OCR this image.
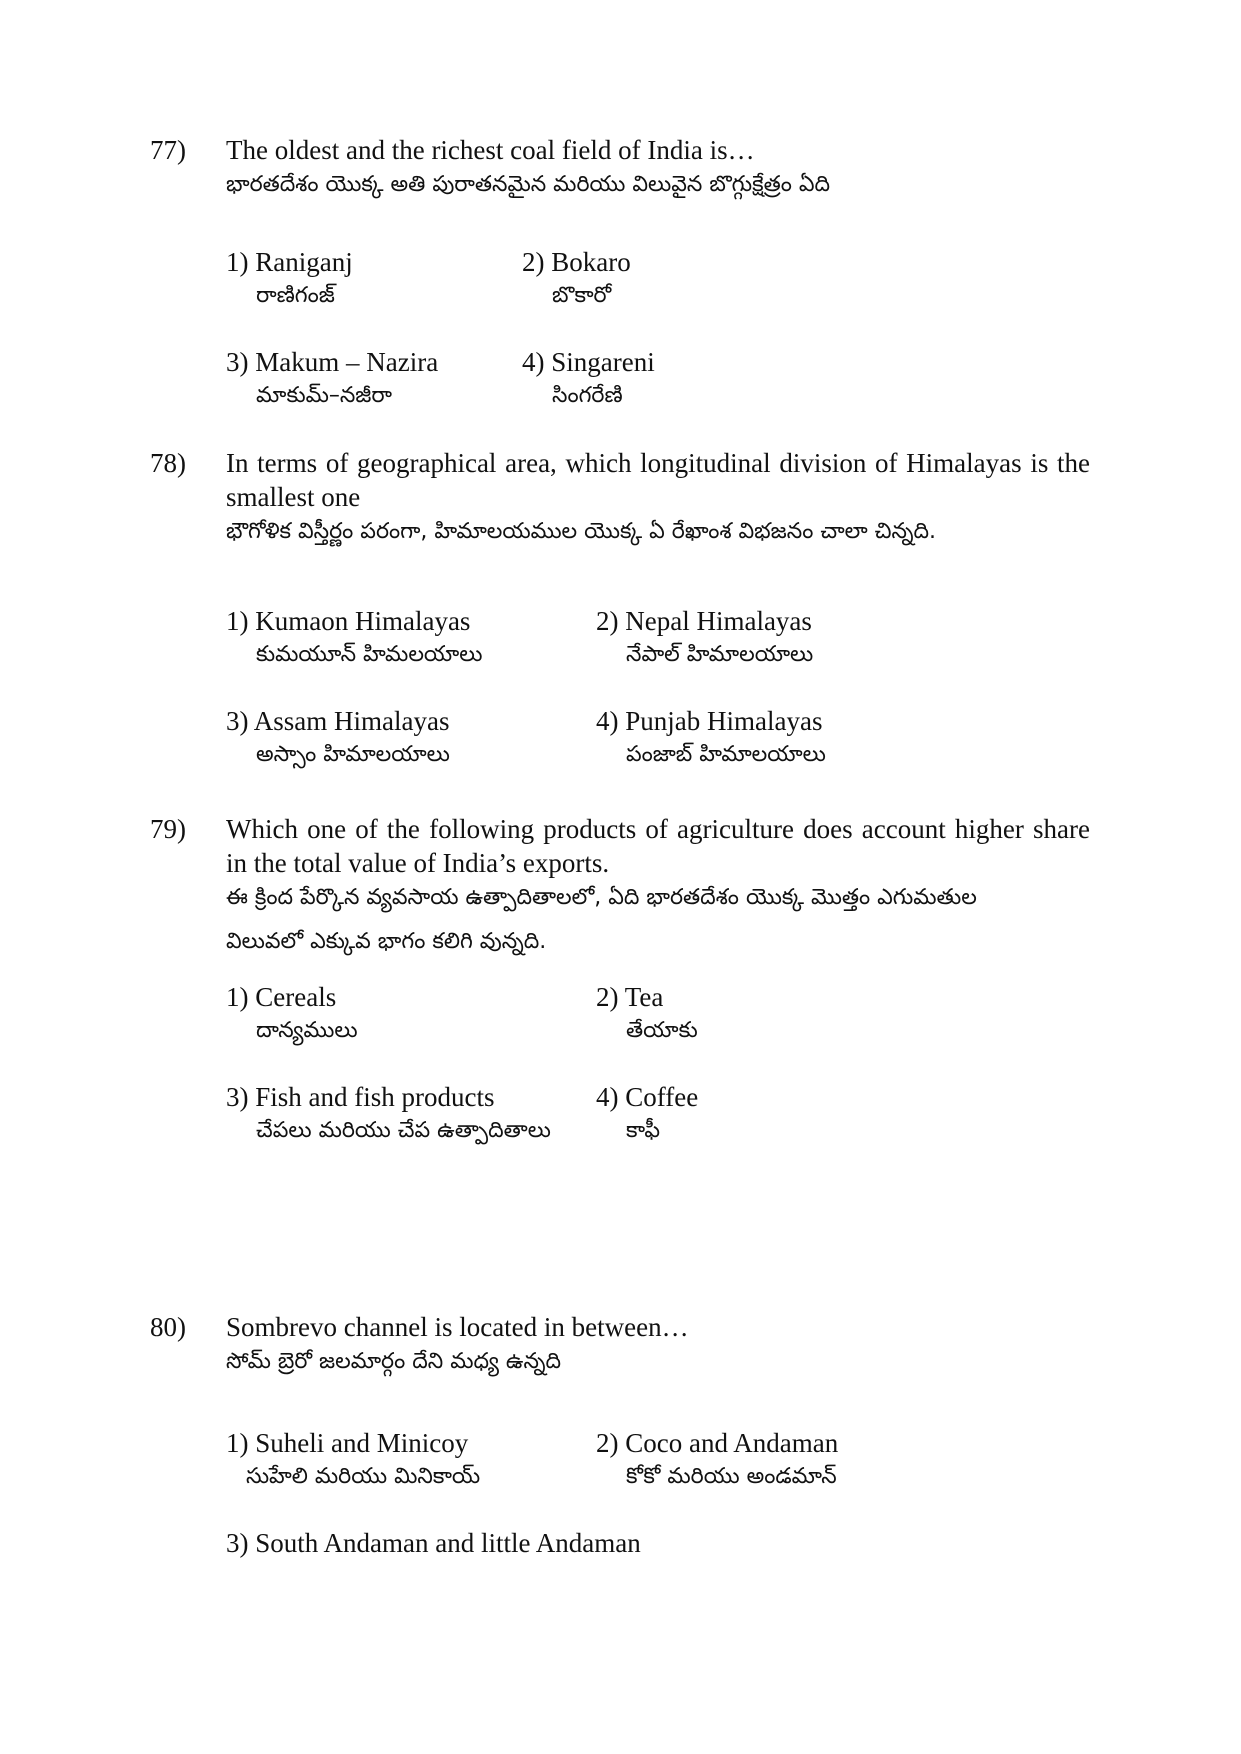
77) The oldest and the richest coal field of India is…
భారతదేశం యొక్క అతి పురాతనమైన మరియు విలువైన బొగ్గుక్షేత్రం ఏది
1) Raniganj
రాణిగంజ్
2) Bokaro
బొకారో
3) Makum – Nazira
మాకుమ్–నజీరా
4) Singareni
సింగరేణి
78) In terms of geographical area, which longitudinal division of Himalayas is the smallest one
భౌగోళిక విస్తీర్ణం పరంగా, హిమాలయముల యొక్క ఏ రేఖాంశ విభజనం చాలా చిన్నది.
1) Kumaon Himalayas
కుమయూన్ హిమలయాలు
2) Nepal Himalayas
నేపాల్ హిమాలయాలు
3) Assam Himalayas
అస్సాం హిమాలయాలు
4) Punjab Himalayas
పంజాబ్ హిమాలయాలు
79) Which one of the following products of agriculture does account higher share in the total value of India’s exports.
ఈ క్రింద పేర్కొన వ్యవసాయ ఉత్పాదితాలలో, ఏది భారతదేశం యొక్క మొత్తం ఎగుమతుల విలువలో ఎక్కువ భాగం కలిగి వున్నది.
1) Cereals
దాన్యములు
2) Tea
తేయాకు
3) Fish and fish products
చేపలు మరియు చేప ఉత్పాదితాలు
4) Coffee
కాఫీ
80) Sombrevo channel is located in between…
సోమ్ బ్రెరో జలమార్గం దేని మధ్య ఉన్నది
1) Suheli and Minicoy
సుహేలి మరియు మినికాయ్
2) Coco and Andaman
కోకో మరియు అండమాన్
3) South Andaman and little Andaman
